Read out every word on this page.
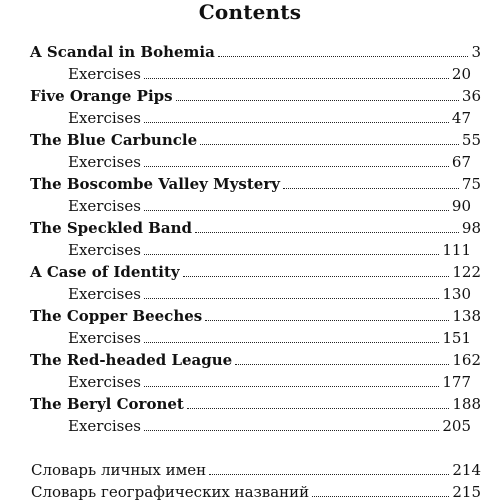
Contents
A Scandal in Bohemia	3
Exercises	20
Five Orange Pips	36
Exercises	47
The Blue Carbuncle	55
Exercises	67
The Boscombe Valley Mystery	75
Exercises	90
The Speckled Band	98
Exercises	111
A Case of Identity	122
Exercises	130
The Copper Beeches	138
Exercises	151
The Red-headed League	162
Exercises	177
The Beryl Coronet	188
Exercises	205
Словарь личных имен	214
Словарь географических названий	215
